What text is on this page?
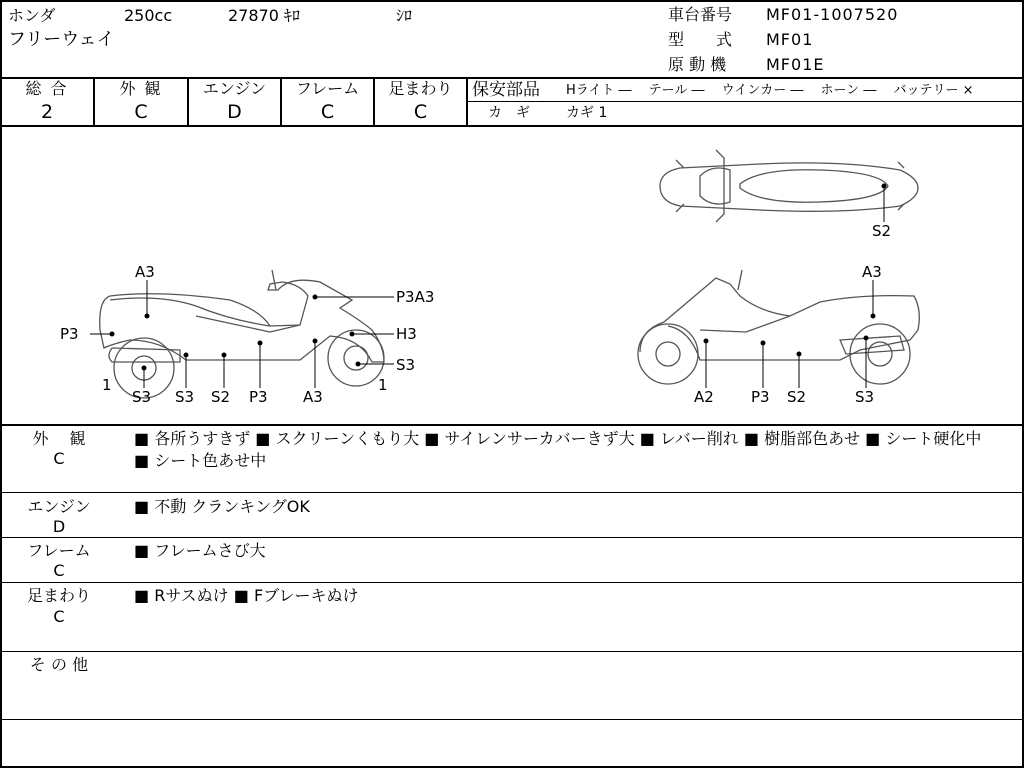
ホンダ	250cc	27870 ｷﾛ	ｼﾛ
フリーウェイ
車台番号 MF01-1007520
型　　式 MF01
原 動 機 MF01E
総 合
2
外 観
C
エンジン
D
フレーム
C
足まわり
C
保安部品 Hライト ―　 テール ―　 ウインカー ―　 ホーン ―　 バッテリー ×
カ　ギ	カギ 1
A3
P3A3
P3	H3
S3
1	1
S3 S3 S2 P3 A3
A3
S2
A2 P3 S2	S3
外　 観
C
■ 各所うすきず ■ スクリーンくもり大 ■ サイレンサーカバーきず大 ■ レバー削れ ■ 樹脂部色あせ ■ シート硬化中 ■ シート色あせ中
エンジン
D
■ 不動 クランキングOK
フレーム
C
■ フレームさび大
足まわり
C
■ Rサスぬけ ■ Fブレーキぬけ
そ の 他
